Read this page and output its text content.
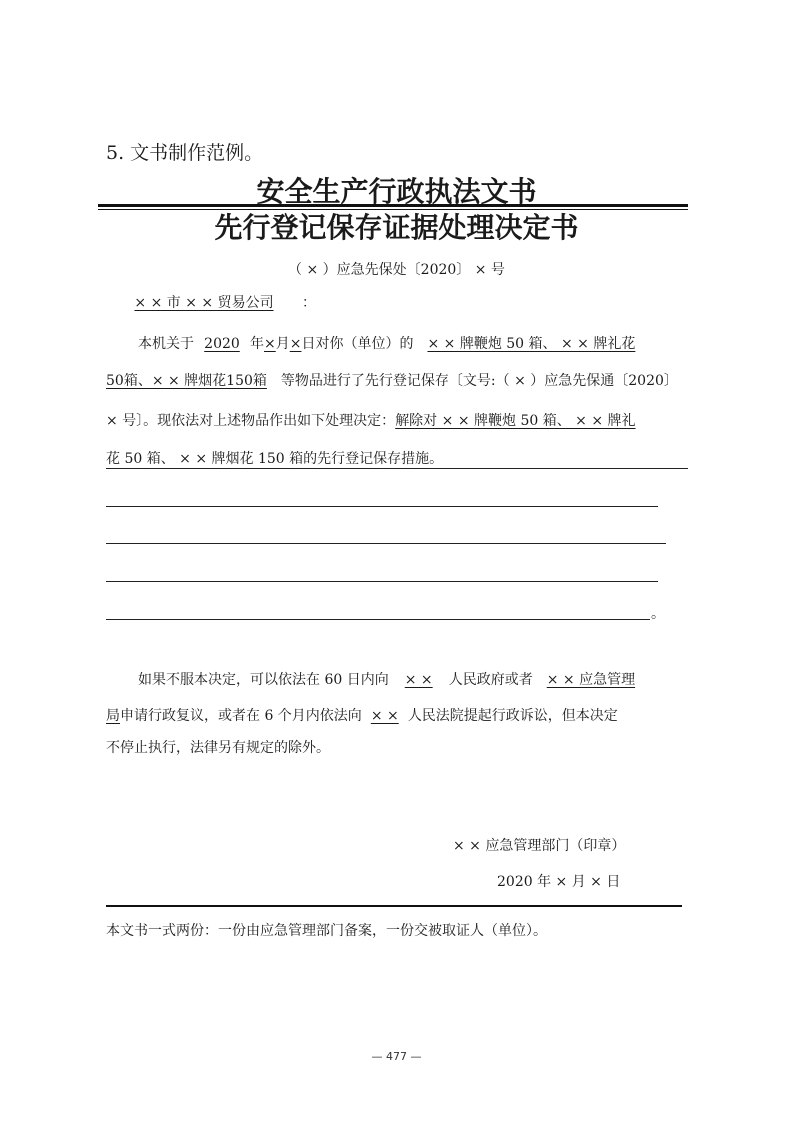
5. 文书制作范例。
安全生产行政执法文书
先行登记保存证据处理决定书
（ × ）应急先保处〔2020〕 × 号
× × 市 × × 贸易公司 ：
本机关于 2020 年×月×日对你（单位）的 × × 牌鞭炮 50 箱、 × × 牌礼花
50箱、× × 牌烟花150箱 等物品进行了先行登记保存〔文号:（ × ）应急先保通〔2020〕
× 号〕。现依法对上述物品作出如下处理决定：解除对 × × 牌鞭炮 50 箱、 × × 牌礼
花 50 箱、 × × 牌烟花 150 箱的先行登记保存措施。
。
如果不服本决定，可以依法在 60 日内向 × × 人民政府或者 × × 应急管理
局申请行政复议，或者在 6 个月内依法向 × × 人民法院提起行政诉讼，但本决定
不停止执行，法律另有规定的除外。
× × 应急管理部门（印章）
2020 年 × 月 × 日
本文书一式两份：一份由应急管理部门备案，一份交被取证人（单位）。
— 477 —
